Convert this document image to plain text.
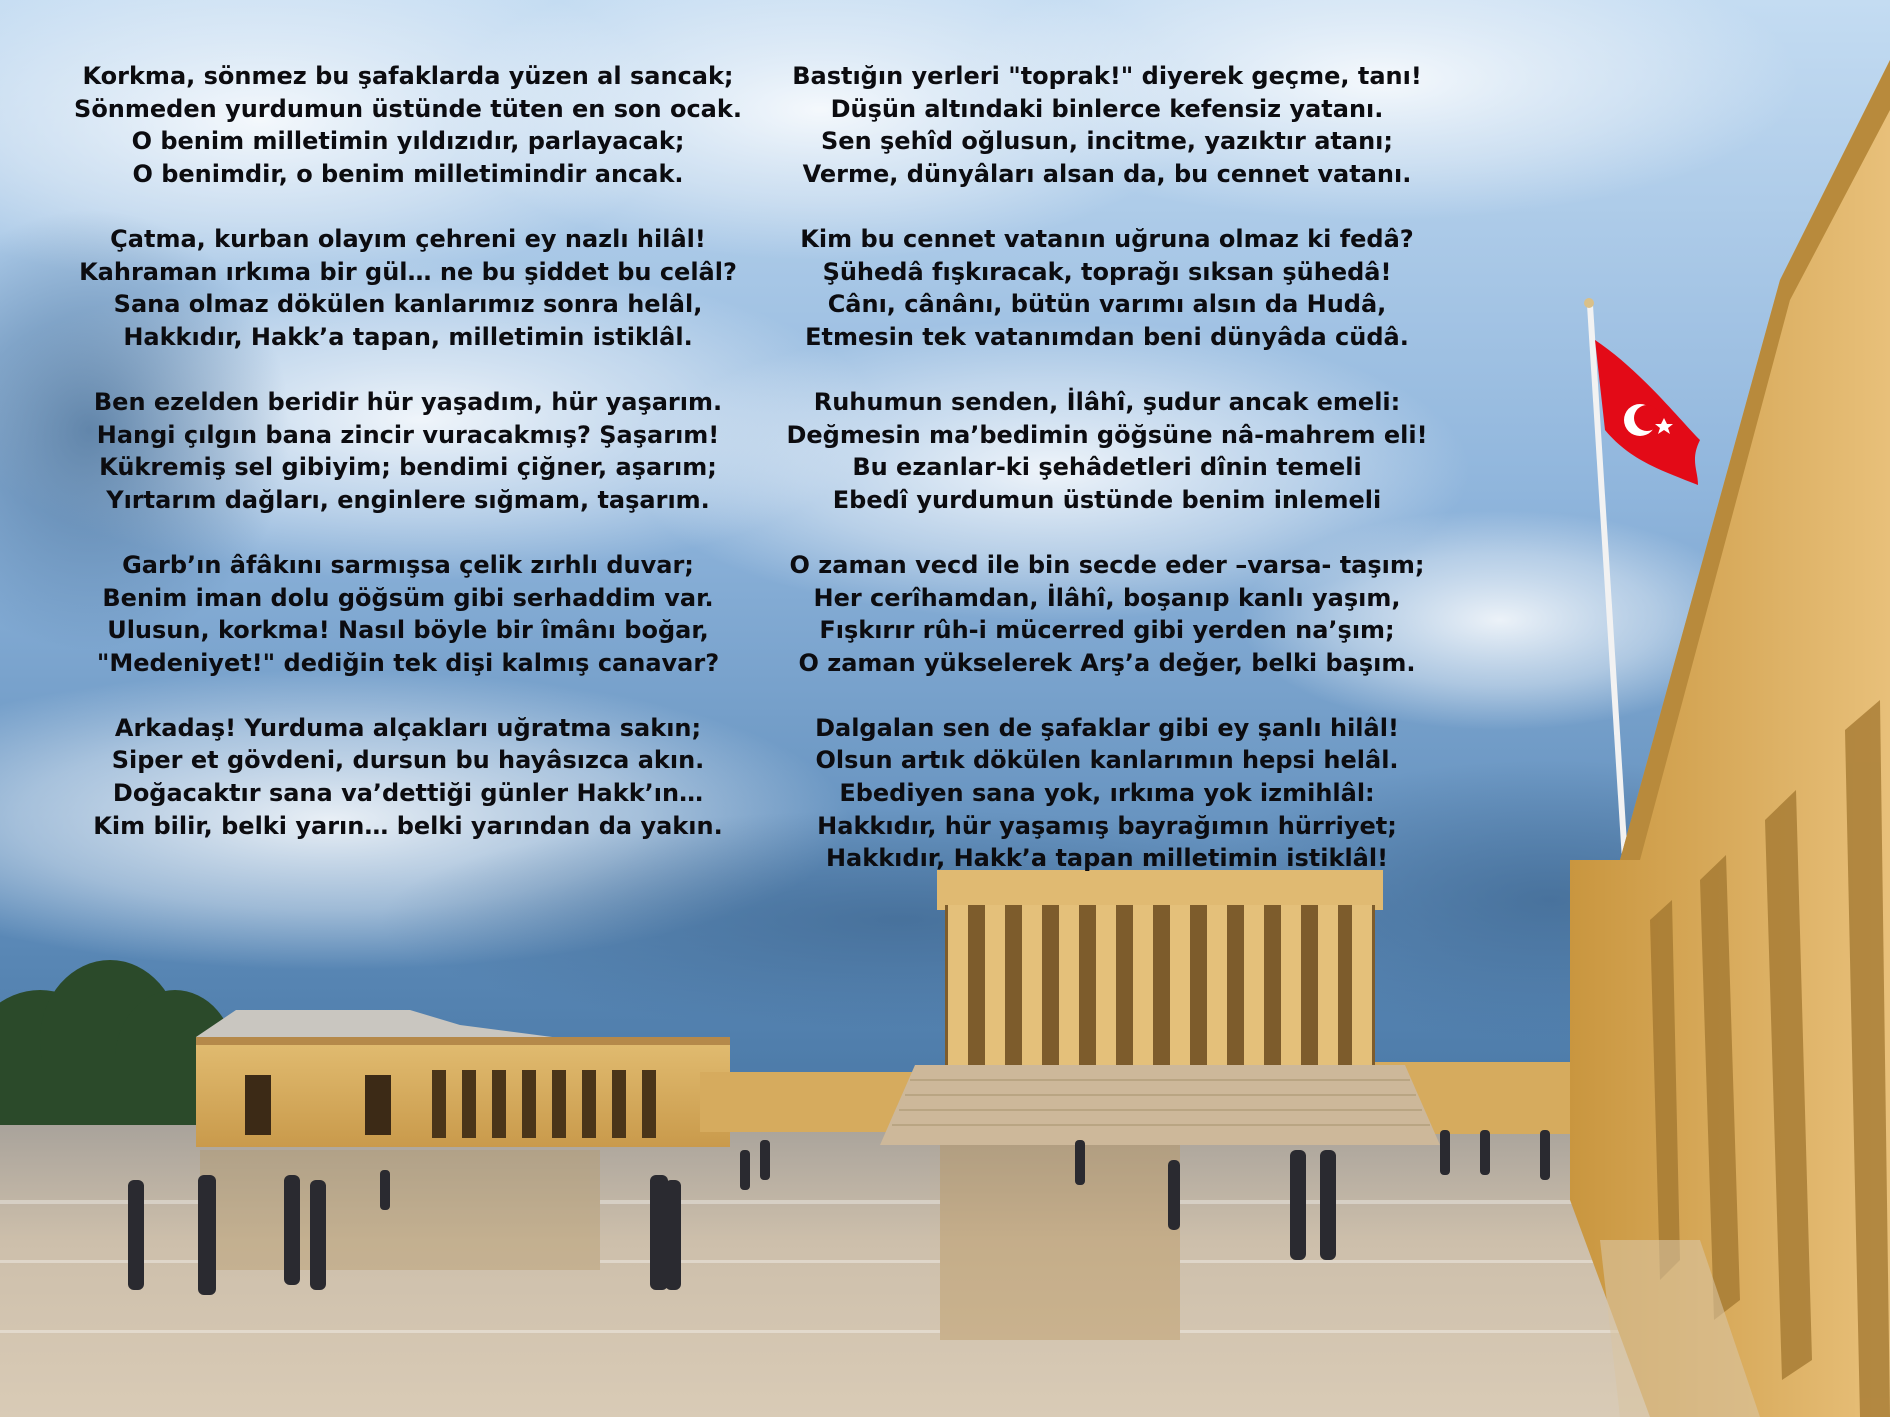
Korkma, sönmez bu şafaklarda yüzen al sancak;
Sönmeden yurdumun üstünde tüten en son ocak.
O benim milletimin yıldızıdır, parlayacak;
O benimdir, o benim milletimindir ancak.
Çatma, kurban olayım çehreni ey nazlı hilâl!
Kahraman ırkıma bir gül… ne bu şiddet bu celâl?
Sana olmaz dökülen kanlarımız sonra helâl,
Hakkıdır, Hakk’a tapan, milletimin istiklâl.
Ben ezelden beridir hür yaşadım, hür yaşarım.
Hangi çılgın bana zincir vuracakmış? Şaşarım!
Kükremiş sel gibiyim; bendimi çiğner, aşarım;
Yırtarım dağları, enginlere sığmam, taşarım.
Garb’ın âfâkını sarmışsa çelik zırhlı duvar;
Benim iman dolu göğsüm gibi serhaddim var.
Ulusun, korkma! Nasıl böyle bir îmânı boğar,
"Medeniyet!" dediğin tek dişi kalmış canavar?
Arkadaş! Yurduma alçakları uğratma sakın;
Siper et gövdeni, dursun bu hayâsızca akın.
Doğacaktır sana va’dettiği günler Hakk’ın…
Kim bilir, belki yarın… belki yarından da yakın.
Bastığın yerleri "toprak!" diyerek geçme, tanı!
Düşün altındaki binlerce kefensiz yatanı.
Sen şehîd oğlusun, incitme, yazıktır atanı;
Verme, dünyâları alsan da, bu cennet vatanı.
Kim bu cennet vatanın uğruna olmaz ki fedâ?
Şühedâ fışkıracak, toprağı sıksan şühedâ!
Cânı, cânânı, bütün varımı alsın da Hudâ,
Etmesin tek vatanımdan beni dünyâda cüdâ.
Ruhumun senden, İlâhî, şudur ancak emeli:
Değmesin ma’bedimin göğsüne nâ-mahrem eli!
Bu ezanlar-ki şehâdetleri dînin temeli
Ebedî yurdumun üstünde benim inlemeli
O zaman vecd ile bin secde eder –varsa- taşım;
Her cerîhamdan, İlâhî, boşanıp kanlı yaşım,
Fışkırır rûh-i mücerred gibi yerden na’şım;
O zaman yükselerek Arş’a değer, belki başım.
Dalgalan sen de şafaklar gibi ey şanlı hilâl!
Olsun artık dökülen kanlarımın hepsi helâl.
Ebediyen sana yok, ırkıma yok izmihlâl:
Hakkıdır, hür yaşamış bayrağımın hürriyet;
Hakkıdır, Hakk’a tapan milletimin istiklâl!
